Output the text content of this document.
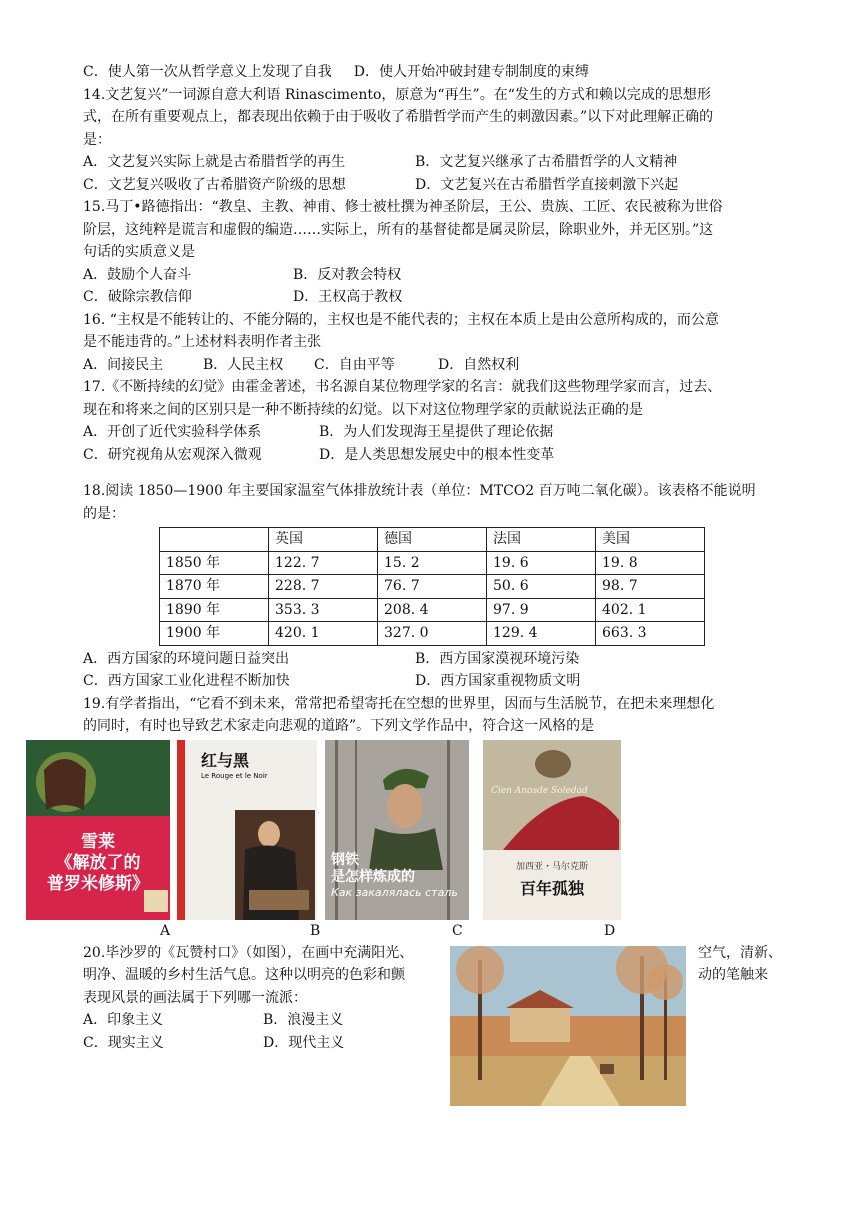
C．使人第一次从哲学意义上发现了自我 D．使人开始冲破封建专制制度的束缚
14.文艺复兴”一词源自意大利语 Rinascimento，原意为“再生”。在“发生的方式和赖以完成的思想形
式，在所有重要观点上，都表现出依赖于由于吸收了希腊哲学而产生的刺激因素。”以下对此理解正确的
是：
A．文艺复兴实际上就是古希腊哲学的再生	B．文艺复兴继承了古希腊哲学的人文精神
C．文艺复兴吸收了古希腊资产阶级的思想	D．文艺复兴在古希腊哲学直接刺激下兴起
15.马丁•路德指出：“教皇、主教、神甫、修士被杜撰为神圣阶层，王公、贵族、工匠、农民被称为世俗
阶层，这纯粹是谎言和虚假的编造……实际上，所有的基督徒都是属灵阶层，除职业外，并无区别。”这
句话的实质意义是
A．鼓励个人奋斗	B．反对教会特权
C．破除宗教信仰	D．王权高于教权
16. “主权是不能转让的、不能分隔的，主权也是不能代表的；主权在本质上是由公意所构成的，而公意
是不能违背的。”上述材料表明作者主张
A．间接民主	B．人民主权	C．自由平等	D．自然权利
17.《不断持续的幻觉》由霍金著述，书名源自某位物理学家的名言：就我们这些物理学家而言，过去、
现在和将来之间的区别只是一种不断持续的幻觉。以下对这位物理学家的贡献说法正确的是
A．开创了近代实验科学体系	B．为人们发现海王星提供了理论依据
C．研究视角从宏观深入微观	D．是人类思想发展史中的根本性变革
18.阅读 1850—1900 年主要国家温室气体排放统计表（单位：MTCO2 百万吨二氧化碳）。该表格不能说明
的是：
	英国	德国	法国	美国
1850 年	122. 7	15. 2	19. 6	19. 8
1870 年	228. 7	76. 7	50. 6	98. 7
1890 年	353. 3	208. 4	97. 9	402. 1
1900 年	420. 1	327. 0	129. 4	663. 3
A．西方国家的环境问题日益突出	B．西方国家漠视环境污染
C．西方国家工业化进程不断加快	D．西方国家重视物质文明
19.有学者指出，“它看不到未来，常常把希望寄托在空想的世界里，因而与生活脱节，在把未来理想化
的同时，有时也导致艺术家走向悲观的道路”。下列文学作品中，符合这一风格的是
雪莱
《解放了的
普罗米修斯》
红与黑
Le Rouge et le Noir
钢铁
是怎样炼成的
Как закалялась сталь
Cien Anosde Soledad
加西亚・马尔克斯
百年孤独
A	B	C	D
20.毕沙罗的《瓦赞村口》（如图），在画中充满阳光、	空气，清新、
明净、温暖的乡村生活气息。这种以明亮的色彩和颤	动的笔触来
表现风景的画法属于下列哪一流派：
A．印象主义	B．浪漫主义
C．现实主义	D．现代主义
